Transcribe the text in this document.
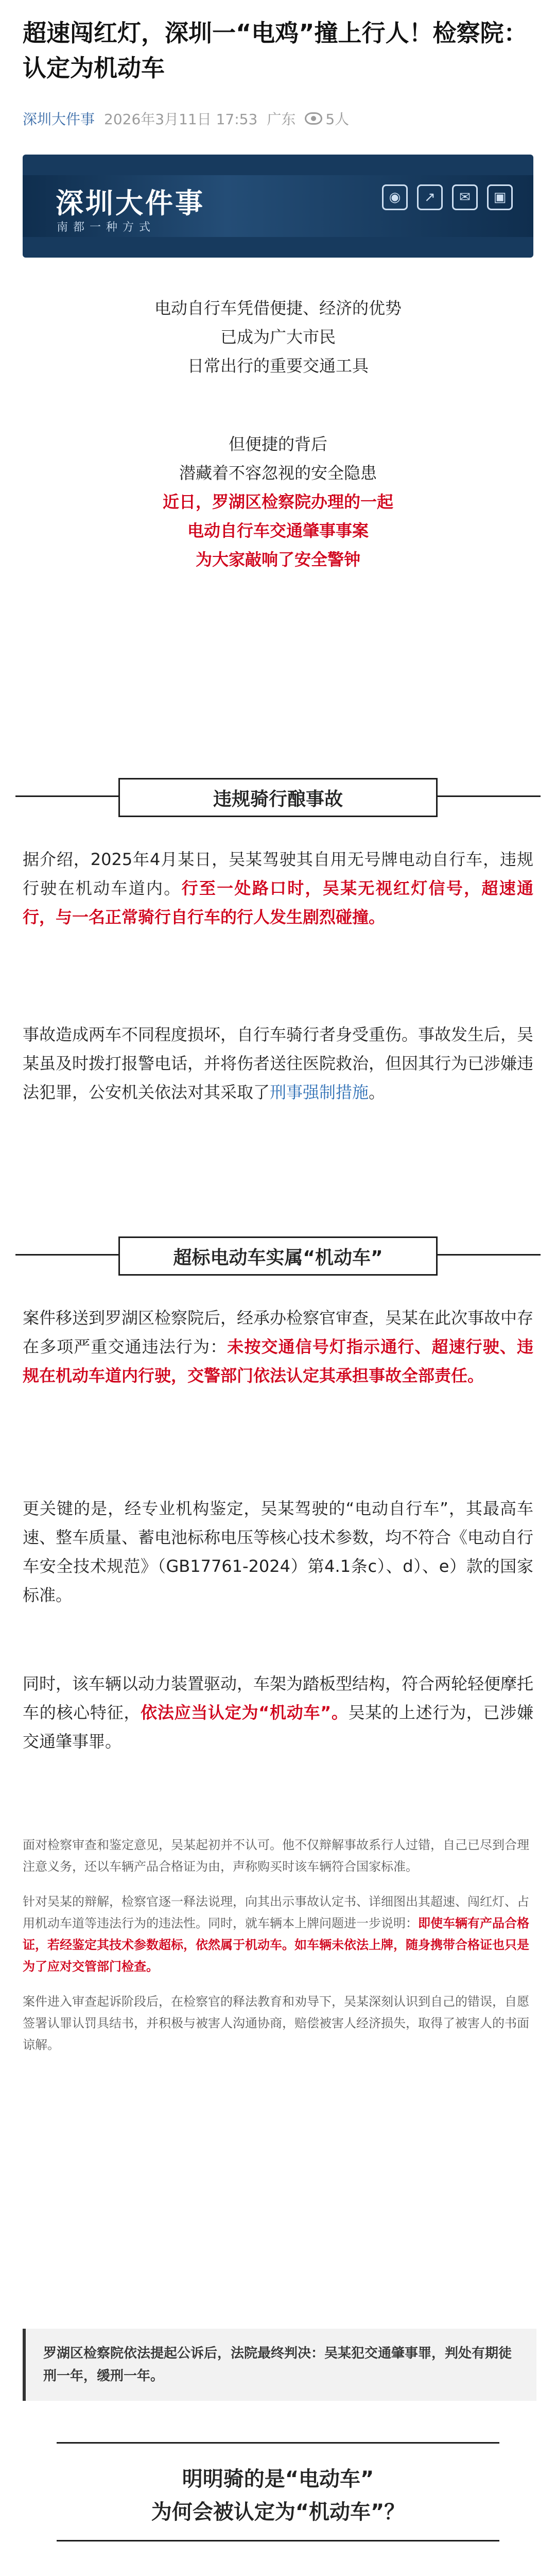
超速闯红灯，深圳一“电鸡”撞上行人！检察院：认定为机动车
深圳大件事 2026年3月11日 17:53 广东 5人
深圳大件事
南都一种方式
◉	↗	✉	▣

电动自行车凭借便捷、经济的优势

已成为广大市民

日常出行的重要交通工具

但便捷的背后

潜藏着不容忽视的安全隐患

近日，罗湖区检察院办理的一起

电动自行车交通肇事事案

为大家敲响了安全警钟

违规骑行酿事故

据介绍，2025年4月某日，吴某驾驶其自用无号牌电动自行车，违规行驶在机动车道内。行至一处路口时，吴某无视红灯信号，超速通行，与一名正常骑行自行车的行人发生剧烈碰撞。

事故造成两车不同程度损坏，自行车骑行者身受重伤。事故发生后，吴某虽及时拨打报警电话，并将伤者送往医院救治，但因其行为已涉嫌违法犯罪，公安机关依法对其采取了刑事强制措施。

超标电动车实属“机动车”

案件移送到罗湖区检察院后，经承办检察官审查，吴某在此次事故中存在多项严重交通违法行为：未按交通信号灯指示通行、超速行驶、违规在机动车道内行驶，交警部门依法认定其承担事故全部责任。

更关键的是，经专业机构鉴定，吴某驾驶的“电动自行车”，其最高车速、整车质量、蓄电池标称电压等核心技术参数，均不符合《电动自行车安全技术规范》（GB17761-2024）第4.1条c）、d）、e）款的国家标准。

同时，该车辆以动力装置驱动，车架为踏板型结构，符合两轮轻便摩托车的核心特征，依法应当认定为“机动车”。吴某的上述行为，已涉嫌交通肇事罪。

面对检察审查和鉴定意见，吴某起初并不认可。他不仅辩解事故系行人过错，自己已尽到合理注意义务，还以车辆产品合格证为由，声称购买时该车辆符合国家标准。

针对吴某的辩解，检察官逐一释法说理，向其出示事故认定书、详细图出其超速、闯红灯、占用机动车道等违法行为的违法性。同时，就车辆本上牌问题进一步说明：即使车辆有产品合格证，若经鉴定其技术参数超标，依然属于机动车。如车辆未依法上牌，随身携带合格证也只是为了应对交管部门检查。

案件进入审查起诉阶段后，在检察官的释法教育和劝导下，吴某深刻认识到自己的错误，自愿签署认罪认罚具结书，并积极与被害人沟通协商，赔偿被害人经济损失，取得了被害人的书面谅解。

罗湖区检察院依法提起公诉后，法院最终判决：吴某犯交通肇事罪，判处有期徒刑一年，缓刑一年。

明明骑的是“电动车”
为何会被认定为“机动车”？
